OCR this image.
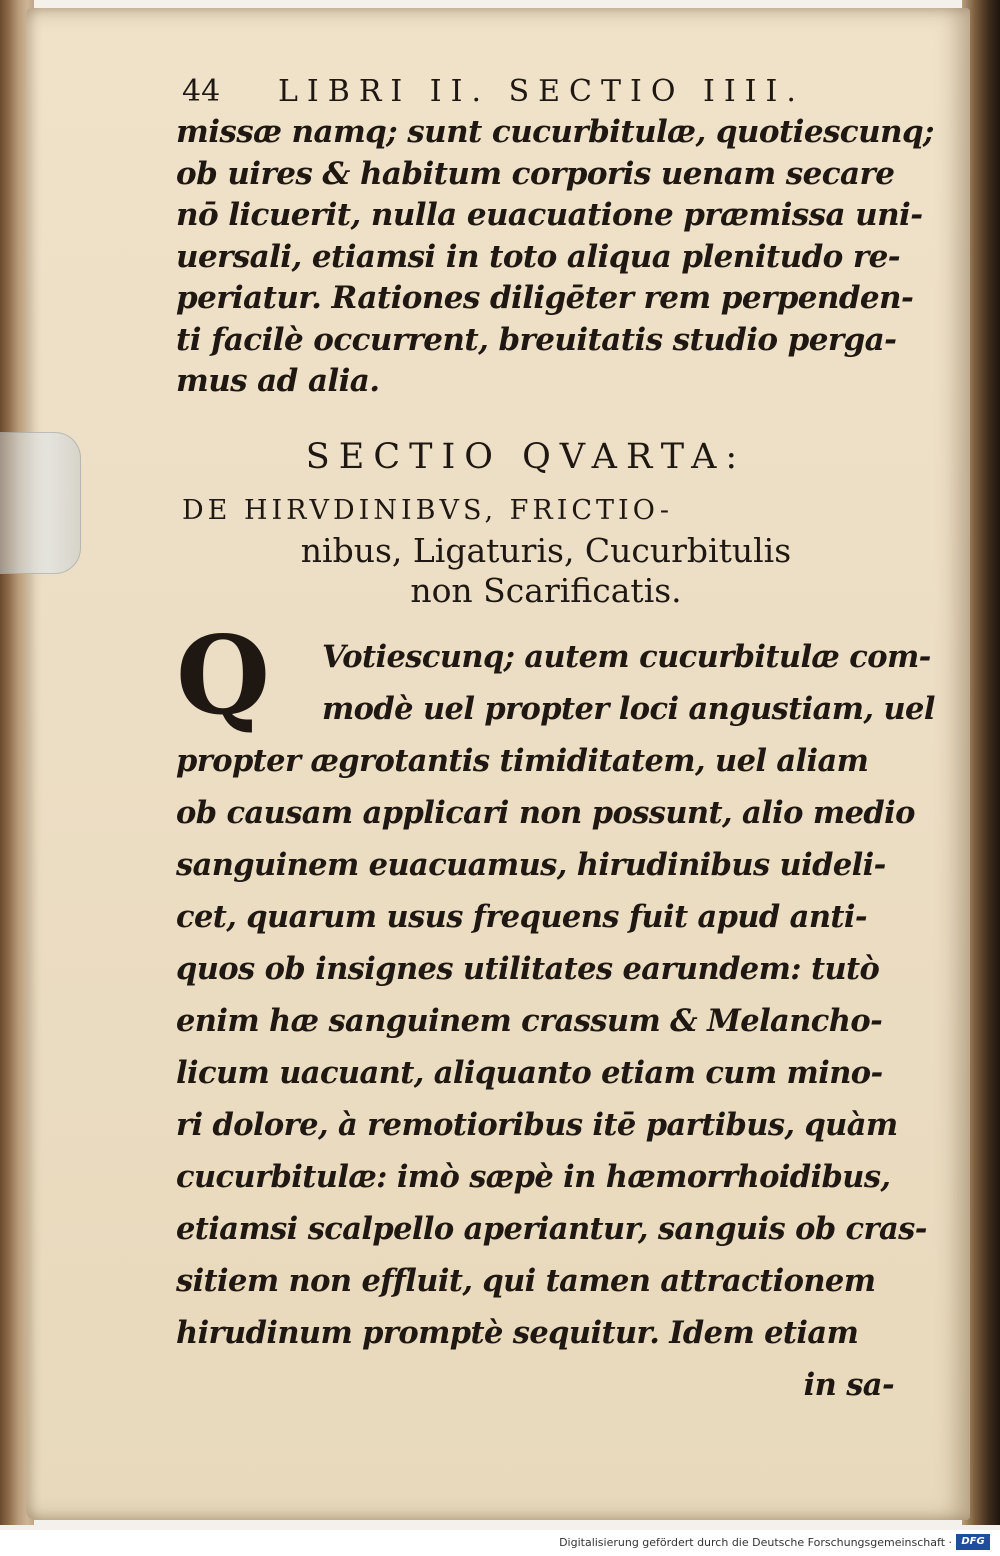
44 LIBRI II. SECTIO IIII.
missæ namq; sunt cucurbitulæ, quotiescunq;
ob uires & habitum corporis uenam secare
nō licuerit, nulla euacuatione præmissa uni-
uersali, etiamsi in toto aliqua plenitudo re-
periatur. Rationes diligēter rem perpenden-
ti facilè occurrent, breuitatis studio perga-
mus ad alia.
SECTIO QVARTA:
DE HIRVDINIBVS, FRICTIO-
nibus, Ligaturis, Cucurbitulis
non Scarificatis.
Q	Votiescunq; autem cucurbitulæ com-
modè uel propter loci angustiam, uel
propter ægrotantis timiditatem, uel aliam
ob causam applicari non possunt, alio medio
sanguinem euacuamus, hirudinibus uideli-
cet, quarum usus frequens fuit apud anti-
quos ob insignes utilitates earundem: tutò
enim hæ sanguinem crassum & Melancho-
licum uacuant, aliquanto etiam cum mino-
ri dolore, à remotioribus itē partibus, quàm
cucurbitulæ: imò sæpè in hæmorrhoidibus,
etiamsi scalpello aperiantur, sanguis ob cras-
sitiem non effluit, qui tamen attractionem
hirudinum promptè sequitur. Idem etiam
in sa-
Digitalisierung gefördert durch die Deutsche Forschungsgemeinschaft · DFG
